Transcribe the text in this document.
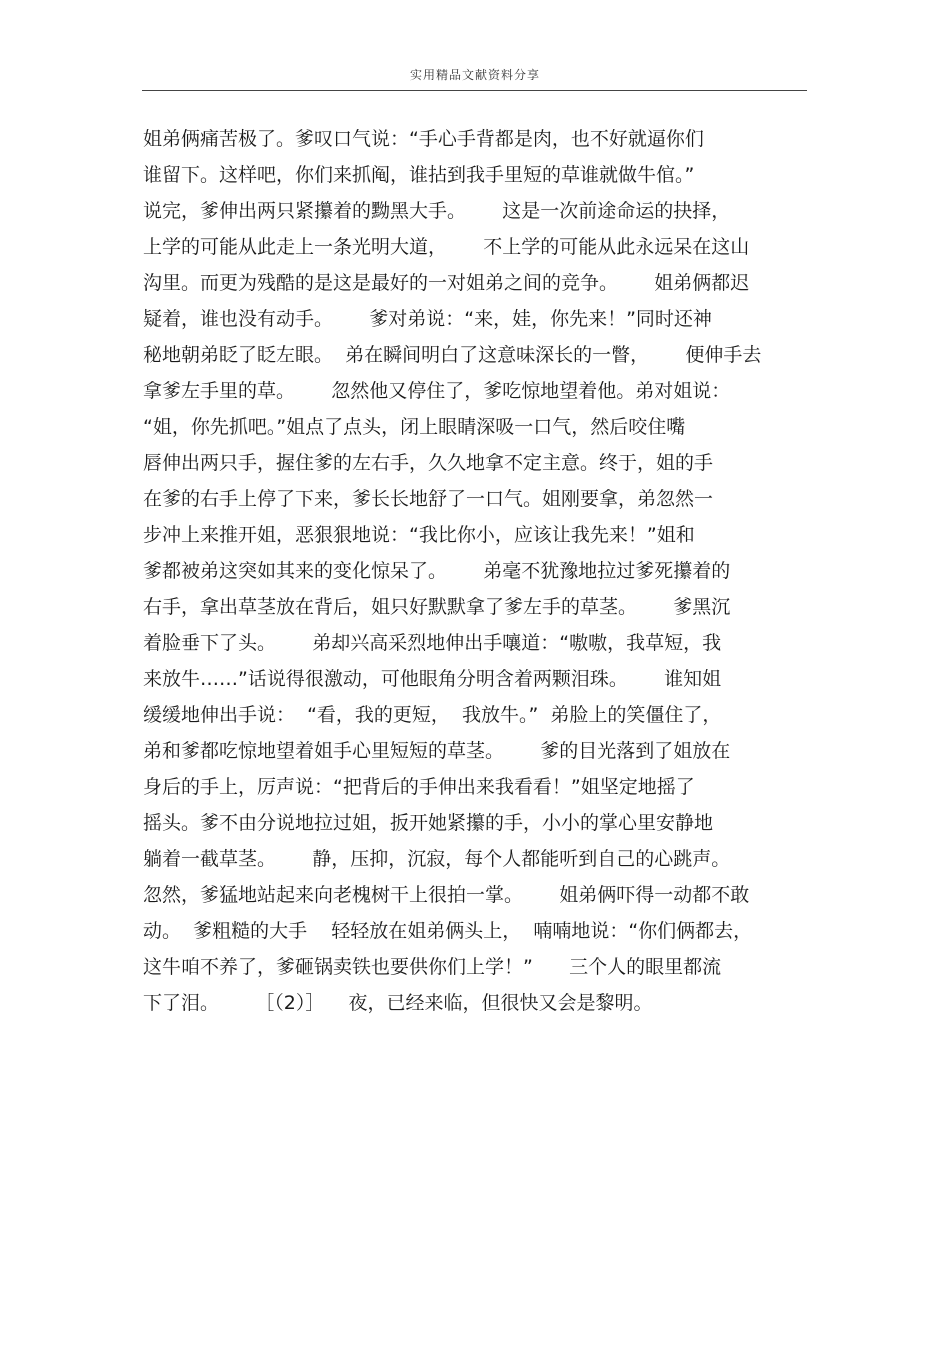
实用精品文献资料分享
姐弟俩痛苦极了。爹叹口气说：“手心手背都是肉，也不好就逼你们
谁留下。这样吧，你们来抓阄，谁拈到我手里短的草谁就做牛倌。”
说完，爹伸出两只紧攥着的黝黑大手。      这是一次前途命运的抉择，
上学的可能从此走上一条光明大道，      不上学的可能从此永远呆在这山
沟里。而更为残酷的是这是最好的一对姐弟之间的竞争。      姐弟俩都迟
疑着，谁也没有动手。      爹对弟说：“来，娃，你先来！”同时还神
秘地朝弟眨了眨左眼。  弟在瞬间明白了这意味深长的一瞥，      便伸手去
拿爹左手里的草。      忽然他又停住了，爹吃惊地望着他。弟对姐说：
“姐，你先抓吧。”姐点了点头，闭上眼睛深吸一口气，然后咬住嘴
唇伸出两只手，握住爹的左右手，久久地拿不定主意。终于，姐的手
在爹的右手上停了下来，爹长长地舒了一口气。姐刚要拿，弟忽然一
步冲上来推开姐，恶狠狠地说：“我比你小，应该让我先来！”姐和
爹都被弟这突如其来的变化惊呆了。      弟毫不犹豫地拉过爹死攥着的
右手，拿出草茎放在背后，姐只好默默拿了爹左手的草茎。      爹黑沉
着脸垂下了头。      弟却兴高采烈地伸出手嚷道：“嗷嗷，我草短，我
来放牛……”话说得很激动，可他眼角分明含着两颗泪珠。      谁知姐
缓缓地伸出手说：  “看，我的更短，  我放牛。”  弟脸上的笑僵住了，
弟和爹都吃惊地望着姐手心里短短的草茎。      爹的目光落到了姐放在
身后的手上，厉声说：“把背后的手伸出来我看看！”姐坚定地摇了
摇头。爹不由分说地拉过姐，扳开她紧攥的手，小小的掌心里安静地
躺着一截草茎。      静，压抑，沉寂，每个人都能听到自己的心跳声。
忽然，爹猛地站起来向老槐树干上很拍一掌。      姐弟俩吓得一动都不敢
动。  爹粗糙的大手    轻轻放在姐弟俩头上，  喃喃地说：“你们俩都去，
这牛咱不养了，爹砸锅卖铁也要供你们上学！”      三个人的眼里都流
下了泪。      ［（2）］    夜，已经来临，但很快又会是黎明。
